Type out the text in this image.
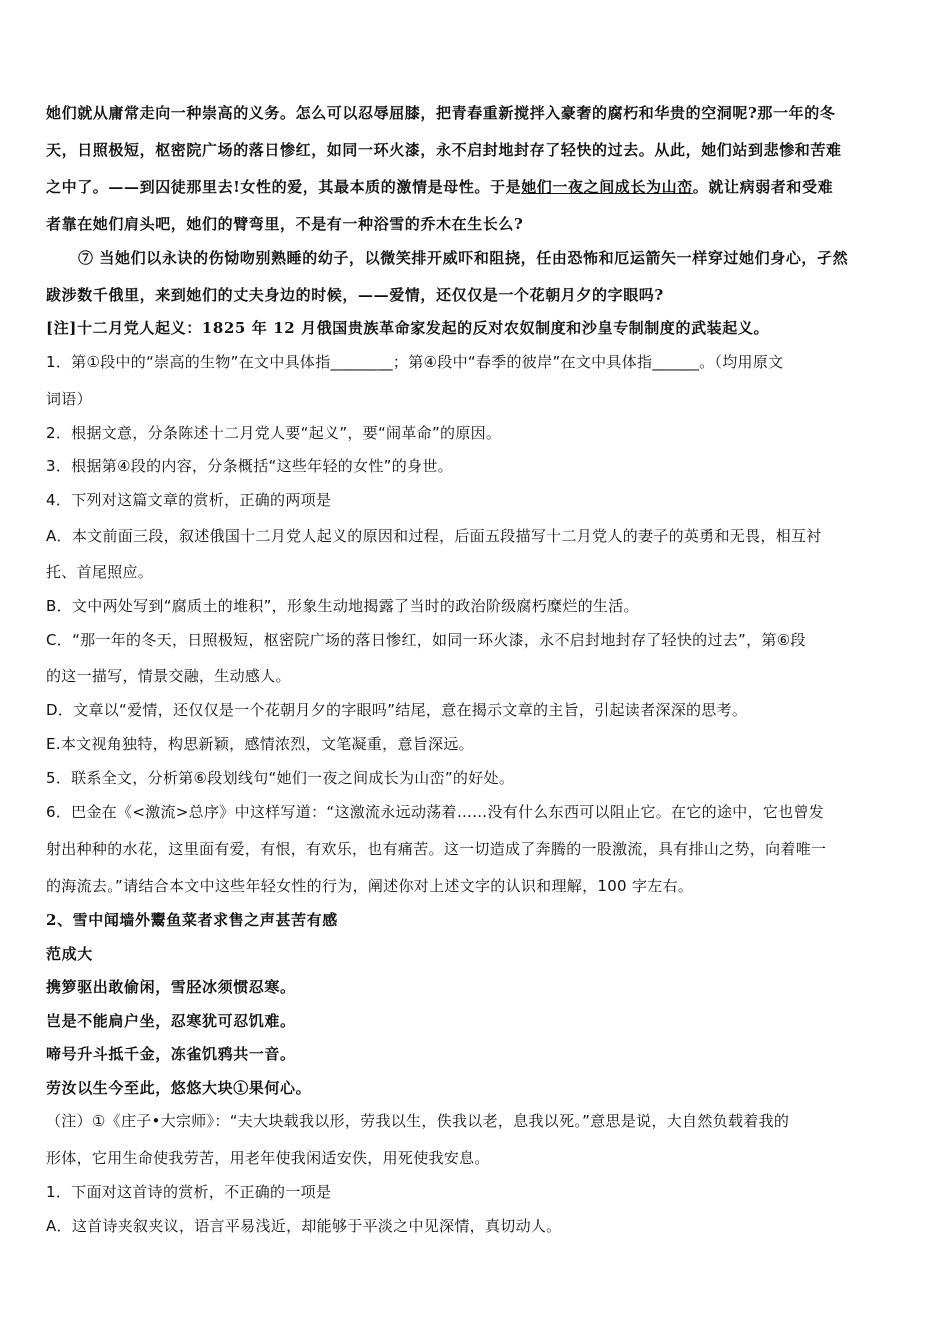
她们就从庸常走向一种崇高的义务。怎么可以忍辱屈膝，把青春重新搅拌入豪奢的腐朽和华贵的空洞呢?那一年的冬
天，日照极短，枢密院广场的落日惨红，如同一环火漆，永不启封地封存了轻快的过去。从此，她们站到悲惨和苦难
之中了。——到囚徒那里去!女性的爱，其最本质的激情是母性。于是她们一夜之间成长为山峦。就让病弱者和受难
者靠在她们肩头吧，她们的臂弯里，不是有一种浴雪的乔木在生长么?
⑦ 当她们以永诀的伤恸吻别熟睡的幼子，以微笑排开威吓和阻挠，任由恐怖和厄运箭矢一样穿过她们身心，孑然
跋涉数千俄里，来到她们的丈夫身边的时候，——爱情，还仅仅是一个花朝月夕的字眼吗?
[注]十二月党人起义：1825 年 12 月俄国贵族革命家发起的反对农奴制度和沙皇专制制度的武装起义。
1．第①段中的“崇高的生物”在文中具体指________；第④段中“春季的彼岸”在文中具体指______。（均用原文
词语）
2．根据文意，分条陈述十二月党人要“起义”，要“闹革命”的原因。
3．根据第④段的内容，分条概括“这些年轻的女性”的身世。
4．下列对这篇文章的赏析，正确的两项是
A．本文前面三段，叙述俄国十二月党人起义的原因和过程，后面五段描写十二月党人的妻子的英勇和无畏，相互衬
托、首尾照应。
B．文中两处写到“腐质土的堆积”，形象生动地揭露了当时的政治阶级腐朽糜烂的生活。
C．“那一年的冬天，日照极短，枢密院广场的落日惨红，如同一环火漆，永不启封地封存了轻快的过去”，第⑥段
的这一描写，情景交融，生动感人。
D．文章以“爱情，还仅仅是一个花朝月夕的字眼吗”结尾，意在揭示文章的主旨，引起读者深深的思考。
E.本文视角独特，构思新颖，感情浓烈，文笔凝重，意旨深远。
5．联系全文，分析第⑥段划线句“她们一夜之间成长为山峦”的好处。
6．巴金在《<激流>总序》中这样写道：“这激流永远动荡着……没有什么东西可以阻止它。在它的途中，它也曾发
射出种种的水花，这里面有爱，有恨，有欢乐，也有痛苦。这一切造成了奔腾的一股激流，具有排山之势，向着唯一
的海流去。”请结合本文中这些年轻女性的行为，阐述你对上述文字的认识和理解，100 字左右。
2、雪中闻墙外鬻鱼菜者求售之声甚苦有感
范成大
携箩驱出敢偷闲，雪胫冰须惯忍寒。
岂是不能扃户坐，忍寒犹可忍饥难。
啼号升斗抵千金，冻雀饥鸦共一音。
劳汝以生今至此，悠悠大块①果何心。
（注）①《庄子•大宗师》：“夫大块载我以形，劳我以生，佚我以老，息我以死。”意思是说，大自然负载着我的
形体，它用生命使我劳苦，用老年使我闲适安佚，用死使我安息。
1．下面对这首诗的赏析，不正确的一项是
A．这首诗夹叙夹议，语言平易浅近，却能够于平淡之中见深情，真切动人。
